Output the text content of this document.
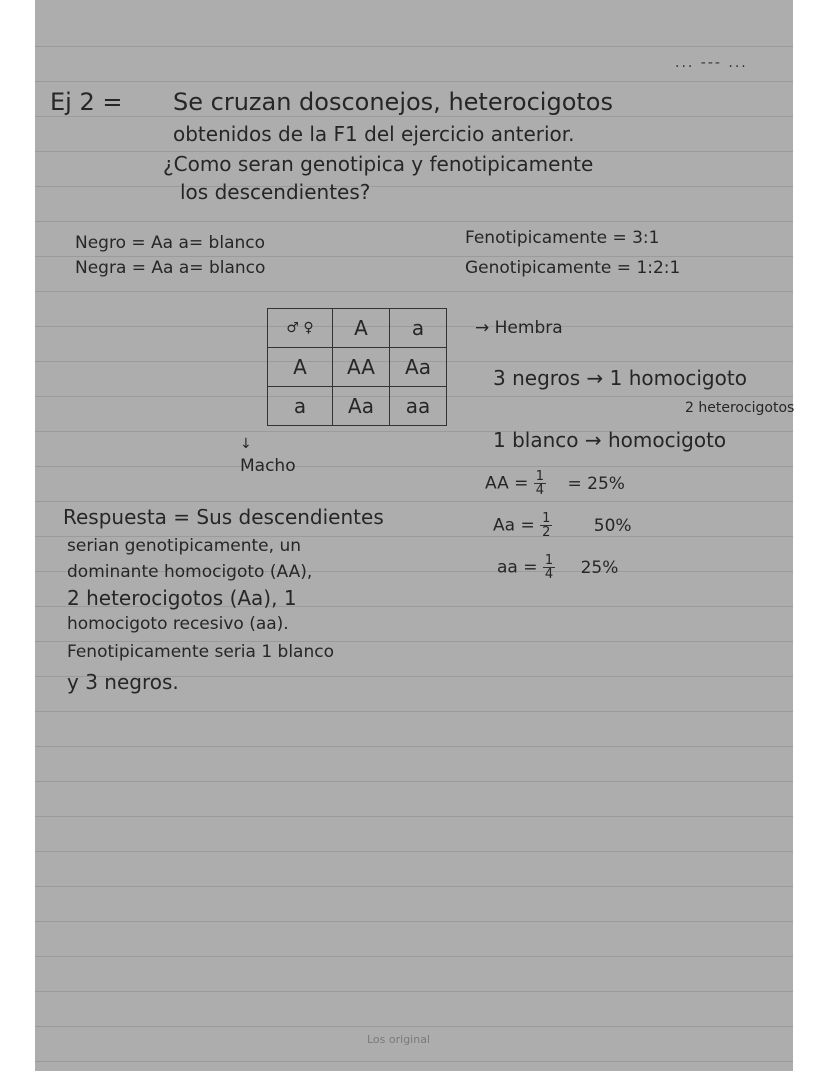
... --- ...
Ej 2 = Se cruzan dosconejos, heterocigotos
obtenidos de la F1 del ejercicio anterior.
¿Como seran genotipica y fenotipicamente
los descendientes?
Negro = Aa a= blanco
Negra = Aa a= blanco
Fenotipicamente = 3:1
Genotipicamente = 1:2:1
♂ ♀	A	a
A	AA	Aa
a	Aa	aa
→ Hembra
↓
Macho
3 negros → 1 homocigoto
2 heterocigotos
1 blanco → homocigoto
AA = $\frac{1}{4} = 25\%$
$Aa = \frac{1}{2} 50\%$
aa = $\frac{1}{4} 25\%$
Respuesta = Sus descendientes
serian genotipicamente, un
dominante homocigoto (AA),
2 heterocigotos (Aa), 1
homocigoto recesivo (aa).
Fenotipicamente seria 1 blanco
y 3 negros.
Los original
